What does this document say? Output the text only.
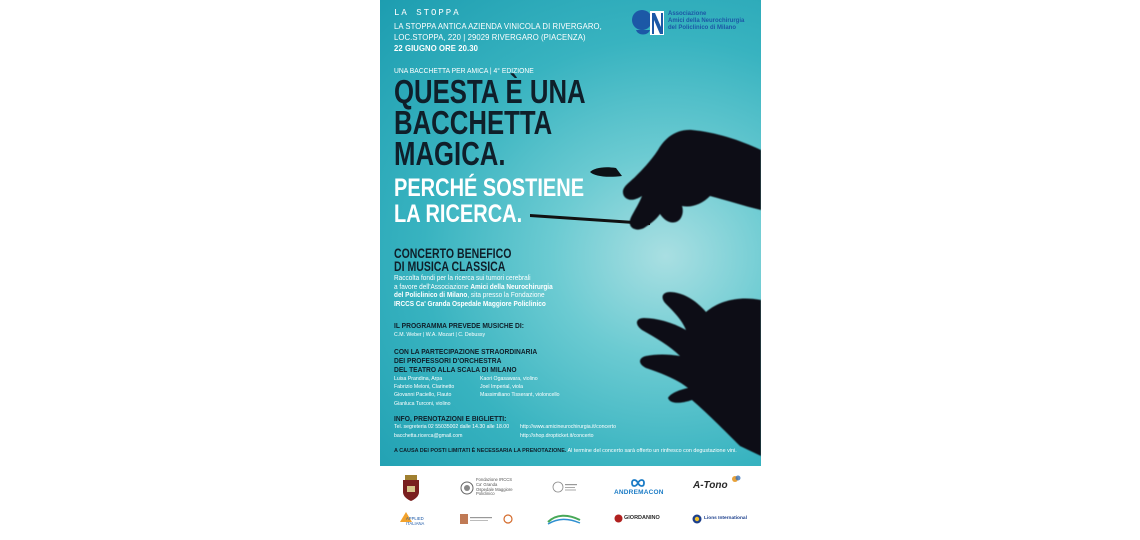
LA STOPPA
LA STOPPA ANTICA AZIENDA VINICOLA DI RIVERGARO,
LOC.STOPPA, 220 | 29029 RIVERGARO (PIACENZA)
22 GIUGNO ORE 20.30
Associazione
Amici della Neurochirurgia
del Policlinico di Milano
UNA BACCHETTA PER AMICA | 4° EDIZIONE
QUESTA È UNA
BACCHETTA
MAGICA.
PERCHÉ SOSTIENE
LA RICERCA.
CONCERTO BENEFICO
DI MUSICA CLASSICA
Raccolta fondi per la ricerca sui tumori cerebrali
a favore dell'Associazione Amici della Neurochirurgia
del Policlinico di Milano, sita presso la Fondazione
IRCCS Ca' Granda Ospedale Maggiore Policlinico
IL PROGRAMMA PREVEDE MUSICHE DI:
C.M. Weber | W.A. Mozart | C. Debussy
CON LA PARTECIPAZIONE STRAORDINARIA
DEI PROFESSORI D'ORCHESTRA
DEL TEATRO ALLA SCALA DI MILANO
Luisa Prandina, Arpa
Fabrizio Meloni, Clarinetto
Giovanni Paciello, Flauto
Gianluca Turconi, violino
Kaori Ogasawara, violino
Joel Imperial, viola
Massimiliano Tisserant, violoncello
INFO, PRENOTAZIONI E BIGLIETTI:
Tel. segreteria 02 55035002 dalle 14.30 alle 18.00
bacchetta.ricerca@gmail.com
http://www.amicineurochirurgia.it/concerto
http://shop.dropticket.it/concerto
A CAUSA DEI POSTI LIMITATI È NECESSARIA LA PRENOTAZIONE. Al termine del concerto sarà offerto un rinfresco con degustazione vini.
Fondazione IRCCS
Ca' Granda
Ospedale Maggiore
Policlinico	ANDREMACON
A-Tono
APPLIED ITALIANA
GIORDANINO	Lions International
